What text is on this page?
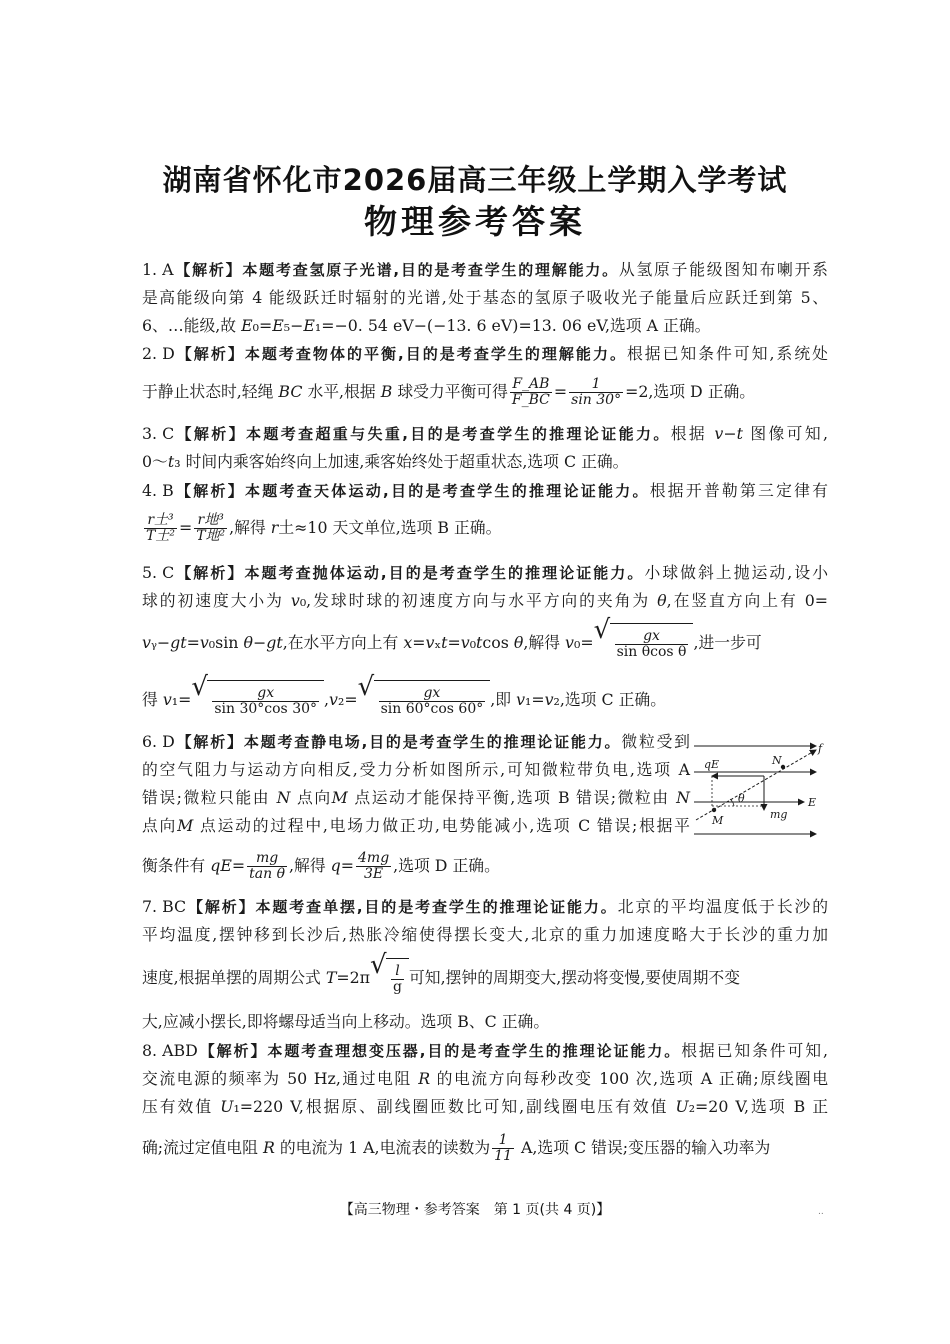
湖南省怀化市2026届高三年级上学期入学考试
物理参考答案
1. A【解析】本题考查氢原子光谱,目的是考查学生的理解能力。从氢原子能级图知布喇开系
是高能级向第 4 能级跃迁时辐射的光谱,处于基态的氢原子吸收光子能量后应跃迁到第 5、
6、…能级,故 E₀=E₅−E₁=−0. 54 eV−(−13. 6 eV)=13. 06 eV,选项 A 正确。
2. D【解析】本题考查物体的平衡,目的是考查学生的理解能力。根据已知条件可知,系统处
于静止状态时,轻绳 BC 水平,根据 B 球受力平衡可得 $\frac{F\_AB}{F\_BC} = \frac{1}{\sin 30^\circ} =2$,选项 D 正确。
3. C【解析】本题考查超重与失重,目的是考查学生的推理论证能力。根据 v−t 图像可知,
0～t₃ 时间内乘客始终向上加速,乘客始终处于超重状态,选项 C 正确。
4. B【解析】本题考查天体运动,目的是考查学生的推理论证能力。根据开普勒第三定律有
$\frac{\text{r土³}}{\text{T土²}} = \frac{\text{r地³}}{\text{T地²}}$ ,解得 r土≈10 天文单位,选项 B 正确。
5. C【解析】本题考查抛体运动,目的是考查学生的推理论证能力。小球做斜上抛运动,设小
球的初速度大小为 v₀,发球时球的初速度方向与水平方向的夹角为 θ,在竖直方向上有 0=
vᵧ−gt=v₀sin θ−gt,在水平方向上有 x=vₓt=v₀tcos θ,解得 v₀= √ $\frac{gx}{\text{sin θcos θ}}$ ,进一步可
得 v₁= √ $\frac{gx}{\sin 30^\circ\cos 30^\circ} ,v_2=$ √ $\frac{gx}{\sin 60^\circ\cos 60^\circ}$ ,即 v₁=v₂,选项 C 正确。
6. D【解析】本题考查静电场,目的是考查学生的推理论证能力。微粒受到
的空气阻力与运动方向相反,受力分析如图所示,可知微粒带负电,选项 A
错误;微粒只能由 N 点向M 点运动才能保持平衡,选项 B 错误;微粒由 N
点向M 点运动的过程中,电场力做正功,电势能减小,选项 C 错误;根据平
衡条件有 $qE= \frac{mg}{\text{tan θ}}$ ,解得 $q= \frac{4mg}{3E}$ ,选项 D 正确。
7. BC【解析】本题考查单摆,目的是考查学生的推理论证能力。北京的平均温度低于长沙的
平均温度,摆钟移到长沙后,热胀冷缩使得摆长变大,北京的重力加速度略大于长沙的重力加
速度,根据单摆的周期公式 T=2π √ $\frac{l}{g}$ 可知,摆钟的周期变大,摆动将变慢,要使周期不变
大,应减小摆长,即将螺母适当向上移动。选项 B、C 正确。
8. ABD【解析】本题考查理想变压器,目的是考查学生的推理论证能力。根据已知条件可知,
交流电源的频率为 50 Hz,通过电阻 R 的电流方向每秒改变 100 次,选项 A 正确;原线圈电
压有效值 U₁=220 V,根据原、副线圈匝数比可知,副线圈电压有效值 U₂=20 V,选项 B 正
确;流过定值电阻 R 的电流为 1 A,电流表的读数为 $\frac{1}{11} A$,选项 C 错误;变压器的输入功率为
f
qE	N
θ	E
M	mg
【高三物理・参考答案　第 1 页(共 4 页)】	..
